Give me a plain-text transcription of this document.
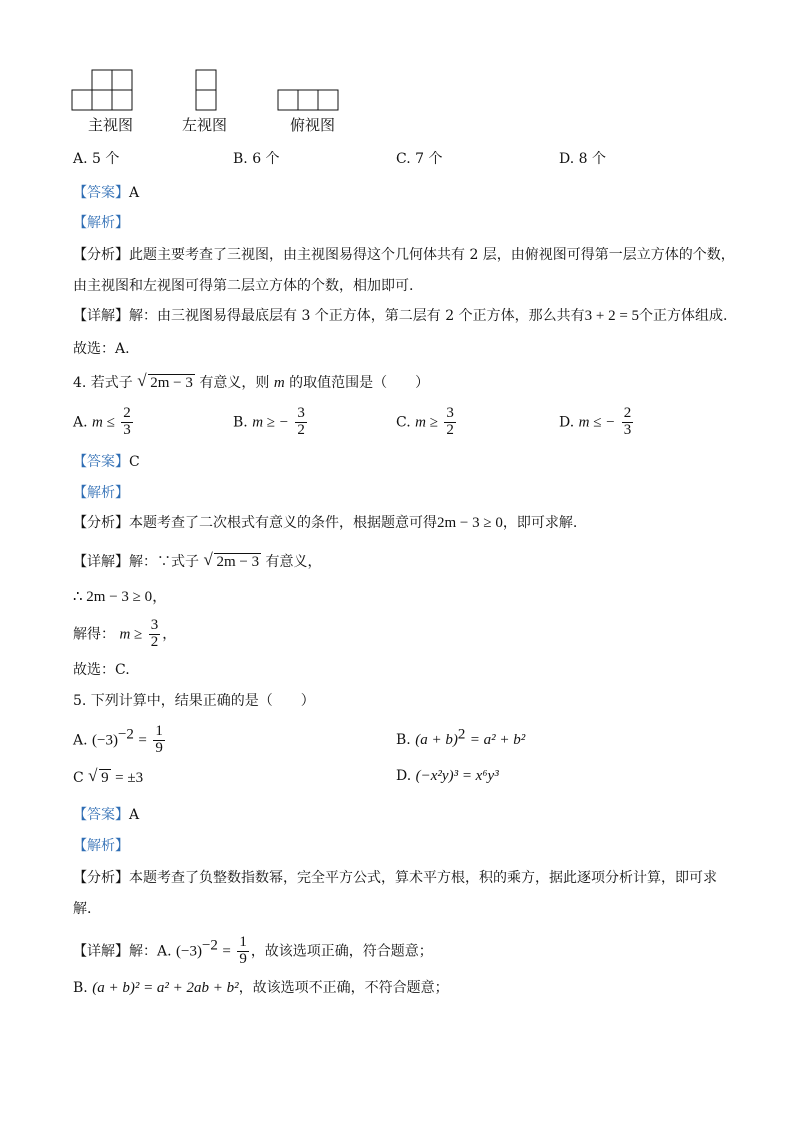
主视图	左视图	俯视图
A. 5 个	B. 6 个	C. 7 个	D. 8 个
【答案】A
【解析】
【分析】此题主要考查了三视图，由主视图易得这个几何体共有 2 层，由俯视图可得第一层立方体的个数，
由主视图和左视图可得第二层立方体的个数，相加即可.
【详解】解：由三视图易得最底层有 3 个正方体，第二层有 2 个正方体，那么共有3 + 2 = 5个正方体组成.
故选：A.
4. 若式子 √ 2m − 3 有意义，则 m 的取值范围是（　　）
A. $m \le \frac{2}{3}$	B. m ≥ − $\frac{3}{2}$	C. $m \ge \frac{3}{2}$	D. m ≤ − $\frac{2}{3}$
【答案】C
【解析】
【分析】本题考查了二次根式有意义的条件，根据题意可得2m − 3 ≥ 0，即可求解.
【详解】解：∵式子 √ 2m − 3 有意义，
∴ 2m − 3 ≥ 0，
解得： $m \ge \frac{3}{2}$ ，
故选：C.
5. 下列计算中，结果正确的是（　　）
A. $(-3)^{-2} = \frac{1}{9}$	B. $(a + b)^2 = a^2 + b^2$
C √ 9 = ±3	D. (−x²y)³ = x⁶y³
【答案】A
【解析】
【分析】本题考查了负整数指数幂，完全平方公式，算术平方根，积的乘方，据此逐项分析计算，即可求
解.
【详解】解：A. $(-3)^{-2} = \frac{1}{9}$ ，故该选项正确，符合题意；
B. (a + b)² = a² + 2ab + b²，故该选项不正确，不符合题意；
